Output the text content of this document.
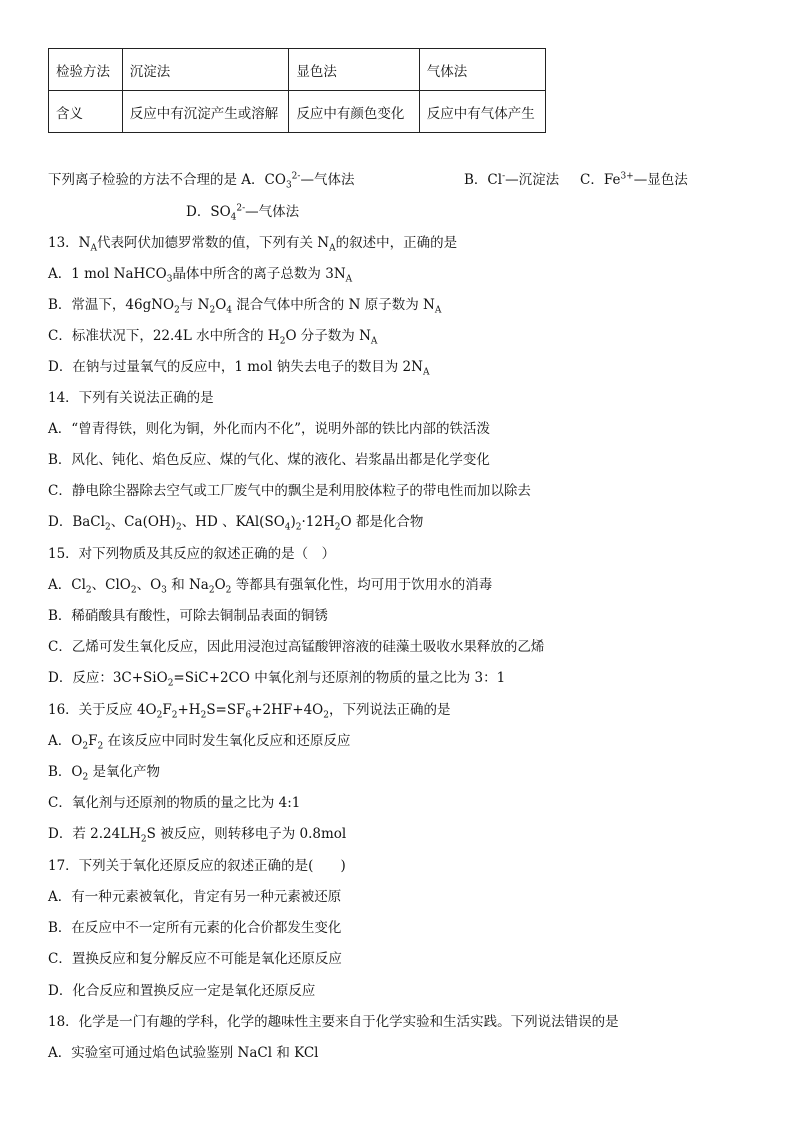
检验方法	沉淀法	显色法	气体法
含义	反应中有沉淀产生或溶解	反应中有颜色变化	反应中有气体产生
下列离子检验的方法不合理的是 A．$CO_3^{2-}—$气体法	B．Cl-—沉淀法 C．$Fe^{3+}—$显色法
D．$SO_4^{2-}—$气体法
13．$N_A$代表阿伏加德罗常数的值，下列有关 $N_A$的叙述中，正确的是
A．1 mol NaHCO$_3$晶体中所含的离子总数为 $3N_A$
B．常温下，46gNO$_2$与 $N_2O_4$ 混合气体中所含的 N 原子数为 $N_A$
C．标准状况下，22.4L 水中所含的 $H_2O$ 分子数为 $N_A$
D．在钠与过量氧气的反应中，1 mol 钠失去电子的数目为 $2N_A$
14．下列有关说法正确的是
A．“曾青得铁，则化为铜，外化而内不化”，说明外部的铁比内部的铁活泼
B．风化、钝化、焰色反应、煤的气化、煤的液化、岩浆晶出都是化学变化
C．静电除尘器除去空气或工厂废气中的飘尘是利用胶体粒子的带电性而加以除去
D．BaCl$_2$、$Ca(OH)_2$、HD 、$KAl(SO_4)_2\cdot 12H_2O$ 都是化合物
15．对下列物质及其反应的叙述正确的是（　）
A．$Cl_2$、ClO$_2$、$O_3$ 和 $Na_2O_2$ 等都具有强氧化性，均可用于饮用水的消毒
B．稀硝酸具有酸性，可除去铜制品表面的铜锈
C．乙烯可发生氧化反应，因此用浸泡过高锰酸钾溶液的硅藻土吸收水果释放的乙烯
D．反应：3C+SiO$_2$=SiC+2CO 中氧化剂与还原剂的物质的量之比为 3：1
16．关于反应 $4O_2F_2+H_2S=SF_6+2HF+4O_2$，下列说法正确的是
A．$O_2F_2$ 在该反应中同时发生氧化反应和还原反应
B．$O_2$ 是氧化产物
C．氧化剂与还原剂的物质的量之比为 4:1
D．若 $2.24LH_2S$ 被反应，则转移电子为 0.8mol
17．下列关于氧化还原反应的叙述正确的是(　　)
A．有一种元素被氧化，肯定有另一种元素被还原
B．在反应中不一定所有元素的化合价都发生变化
C．置换反应和复分解反应不可能是氧化还原反应
D．化合反应和置换反应一定是氧化还原反应
18．化学是一门有趣的学科，化学的趣味性主要来自于化学实验和生活实践。下列说法错误的是
A．实验室可通过焰色试验鉴别 NaCl 和 KCl
